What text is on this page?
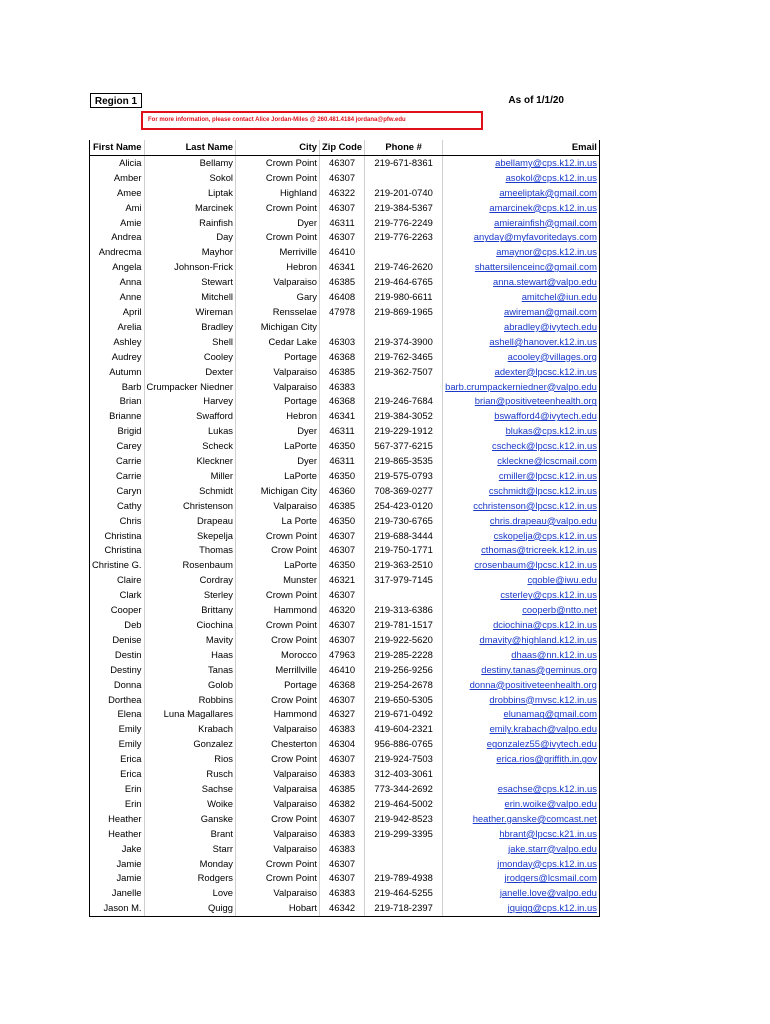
Region 1	As of 1/1/20
For more information, please contact Alice Jordan-Miles @ 260.481.4184 jordana@pfw.edu
First Name	Last Name	City	Zip Code	Phone #	Email
Alicia	Bellamy	Crown Point	46307	219-671-8361	abellamy@cps.k12.in.us
Amber	Sokol	Crown Point	46307		asokol@cps.k12.in.us
Amee	Liptak	Highland	46322	219-201-0740	ameeliptak@gmail.com
Ami	Marcinek	Crown Point	46307	219-384-5367	amarcinek@cps.k12.in.us
Amie	Rainfish	Dyer	46311	219-776-2249	amierainfish@gmail.com
Andrea	Day	Crown Point	46307	219-776-2263	anyday@myfavoritedays.com
Andrecma	Mayhor	Merriville	46410		amaynor@cps.k12.in.us
Angela	Johnson-Frick	Hebron	46341	219-746-2620	shattersilenceinc@gmail.com
Anna	Stewart	Valparaiso	46385	219-464-6765	anna.stewart@valpo.edu
Anne	Mitchell	Gary	46408	219-980-6611	amitchel@iun.edu
April	Wireman	Rensselae	47978	219-869-1965	awireman@gmail.com
Arelia	Bradley	Michigan City			abradley@ivytech.edu
Ashley	Shell	Cedar Lake	46303	219-374-3900	ashell@hanover.k12.in.us
Audrey	Cooley	Portage	46368	219-762-3465	acooley@villages.org
Autumn	Dexter	Valparaiso	46385	219-362-7507	adexter@lpcsc.k12.in.us
Barb	Crumpacker Niedner	Valparaiso	46383		barb.crumpackerniedner@valpo.edu
Brian	Harvey	Portage	46368	219-246-7684	brian@positiveteenhealth.org
Brianne	Swafford	Hebron	46341	219-384-3052	bswafford4@ivytech.edu
Brigid	Lukas	Dyer	46311	219-229-1912	blukas@cps.k12.in.us
Carey	Scheck	LaPorte	46350	567-377-6215	cscheck@lpcsc.k12.in.us
Carrie	Kleckner	Dyer	46311	219-865-3535	ckleckne@lcscmail.com
Carrie	Miller	LaPorte	46350	219-575-0793	cmiller@lpcsc.k12.in.us
Caryn	Schmidt	Michigan City	46360	708-369-0277	cschmidt@lpcsc.k12.in.us
Cathy	Christenson	Valparaiso	46385	254-423-0120	cchristenson@lpcsc.k12.in.us
Chris	Drapeau	La Porte	46350	219-730-6765	chris.drapeau@valpo.edu
Christina	Skepelja	Crown Point	46307	219-688-3444	cskopelja@cps.k12.in.us
Christina	Thomas	Crow Point	46307	219-750-1771	cthomas@tricreek.k12.in.us
Christine G.	Rosenbaum	LaPorte	46350	219-363-2510	crosenbaum@lpcsc.k12.in.us
Claire	Cordray	Munster	46321	317-979-7145	cgoble@iwu.edu
Clark	Sterley	Crown Point	46307		csterley@cps.k12.in.us
Cooper	Brittany	Hammond	46320	219-313-6386	cooperb@ntto.net
Deb	Ciochina	Crown Point	46307	219-781-1517	dciochina@cps.k12.in.us
Denise	Mavity	Crow Point	46307	219-922-5620	dmavity@highland.k12.in.us
Destin	Haas	Morocco	47963	219-285-2228	dhaas@nn.k12.in.us
Destiny	Tanas	Merrillville	46410	219-256-9256	destiny.tanas@geminus.org
Donna	Golob	Portage	46368	219-254-2678	donna@positiveteenhealth.org
Dorthea	Robbins	Crow Point	46307	219-650-5305	drobbins@mvsc.k12.in.us
Elena	Luna Magallares	Hammond	46327	219-671-0492	elunamag@gmail.com
Emily	Krabach	Valparaiso	46383	419-604-2321	emily.krabach@valpo.edu
Emily	Gonzalez	Chesterton	46304	956-886-0765	egonzalez55@ivytech.edu
Erica	Rios	Crow Point	46307	219-924-7503	erica.rios@griffith.in.gov
Erica	Rusch	Valparaiso	46383	312-403-3061	
Erin	Sachse	Valparaisa	46385	773-344-2692	esachse@cps.k12.in.us
Erin	Woike	Valparaiso	46382	219-464-5002	erin.woike@valpo.edu
Heather	Ganske	Crow Point	46307	219-942-8523	heather.ganske@comcast.net
Heather	Brant	Valparaiso	46383	219-299-3395	hbrant@lpcsc.k21.in.us
Jake	Starr	Valparaiso	46383		jake.starr@valpo.edu
Jamie	Monday	Crown Point	46307		jmonday@cps.k12.in.us
Jamie	Rodgers	Crown Point	46307	219-789-4938	jrodgers@lcsmail.com
Janelle	Love	Valparaiso	46383	219-464-5255	janelle.love@valpo.edu
Jason M.	Quigg	Hobart	46342	219-718-2397	jquigg@cps.k12.in.us
